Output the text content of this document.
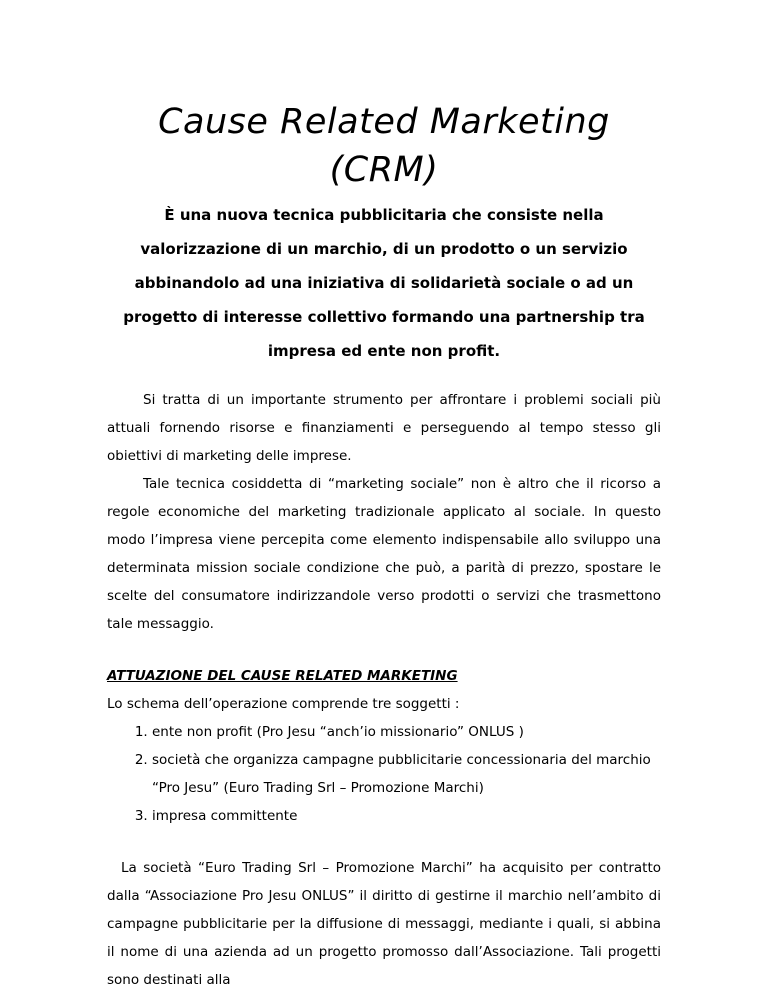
Cause Related Marketing (CRM)

È una nuova tecnica pubblicitaria che consiste nella valorizzazione di un marchio, di un prodotto o un servizio abbinandolo ad una iniziativa di solidarietà sociale o ad un progetto di interesse collettivo formando una partnership tra impresa ed ente non profit.

Si tratta di un importante strumento per affrontare i problemi sociali più attuali fornendo risorse e finanziamenti e perseguendo al tempo stesso gli obiettivi di marketing delle imprese.

Tale tecnica cosiddetta di “marketing sociale” non è altro che il ricorso a regole economiche del marketing tradizionale applicato al sociale. In questo modo l’impresa viene percepita come elemento indispensabile allo sviluppo una determinata mission sociale condizione che può, a parità di prezzo, spostare le scelte del consumatore indirizzandole verso prodotti o servizi che trasmettono tale messaggio.

ATTUAZIONE DEL CAUSE RELATED MARKETING

Lo schema dell’operazione comprende tre soggetti :

1. ente non profit (Pro Jesu “anch’io missionario” ONLUS )
2. società che organizza campagne pubblicitarie concessionaria del marchio “Pro Jesu” (Euro Trading Srl – Promozione Marchi)
3. impresa committente

La società “Euro Trading Srl – Promozione Marchi” ha acquisito per contratto dalla “Associazione Pro Jesu ONLUS” il diritto di gestirne il marchio nell’ambito di campagne pubblicitarie per la diffusione di messaggi, mediante i quali, si abbina il nome di una azienda ad un progetto promosso dall’Associazione. Tali progetti sono destinati alla
